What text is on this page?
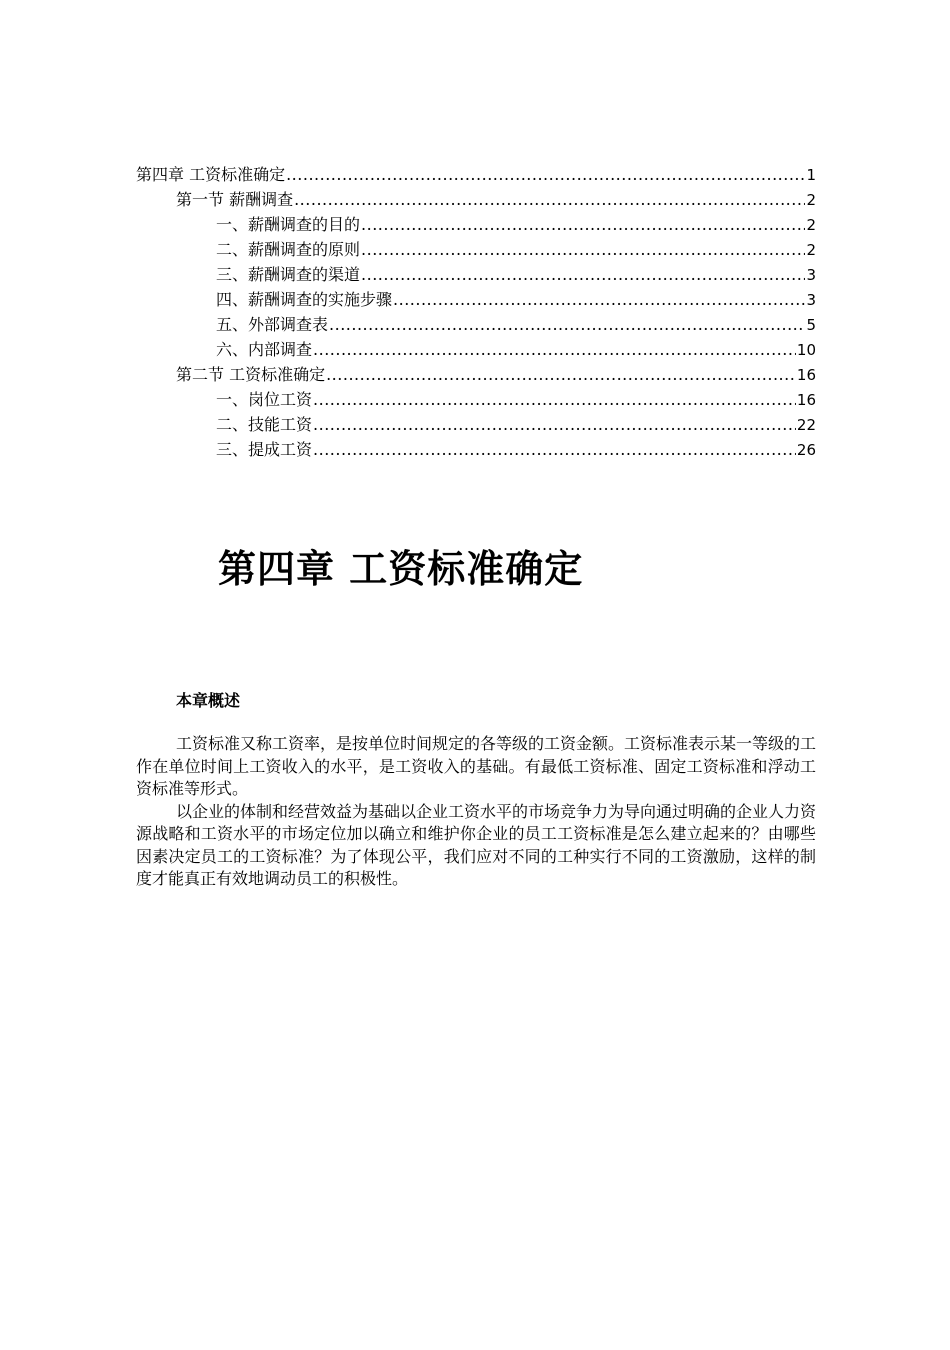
第四章 工资标准确定 .....	1
第一节 薪酬调查 .....	2
一、薪酬调查的目的 .....	2
二、薪酬调查的原则 .....	2
三、薪酬调查的渠道 .....	3
四、薪酬调查的实施步骤 .....	3
五、外部调查表 .....	5
六、内部调查 .....	10
第二节 工资标准确定 .....	16
一、岗位工资 .....	16
二、技能工资 .....	22
三、提成工资 .....	26
第四章 工资标准确定
本章概述

工资标准又称工资率，是按单位时间规定的各等级的工资金额。工资标准表示某一等级的工作在单位时间上工资收入的水平，是工资收入的基础。有最低工资标准、固定工资标准和浮动工资标准等形式。

以企业的体制和经营效益为基础以企业工资水平的市场竞争力为导向通过明确的企业人力资源战略和工资水平的市场定位加以确立和维护你企业的员工工资标准是怎么建立起来的？由哪些因素决定员工的工资标准？为了体现公平，我们应对不同的工种实行不同的工资激励，这样的制度才能真正有效地调动员工的积极性。
